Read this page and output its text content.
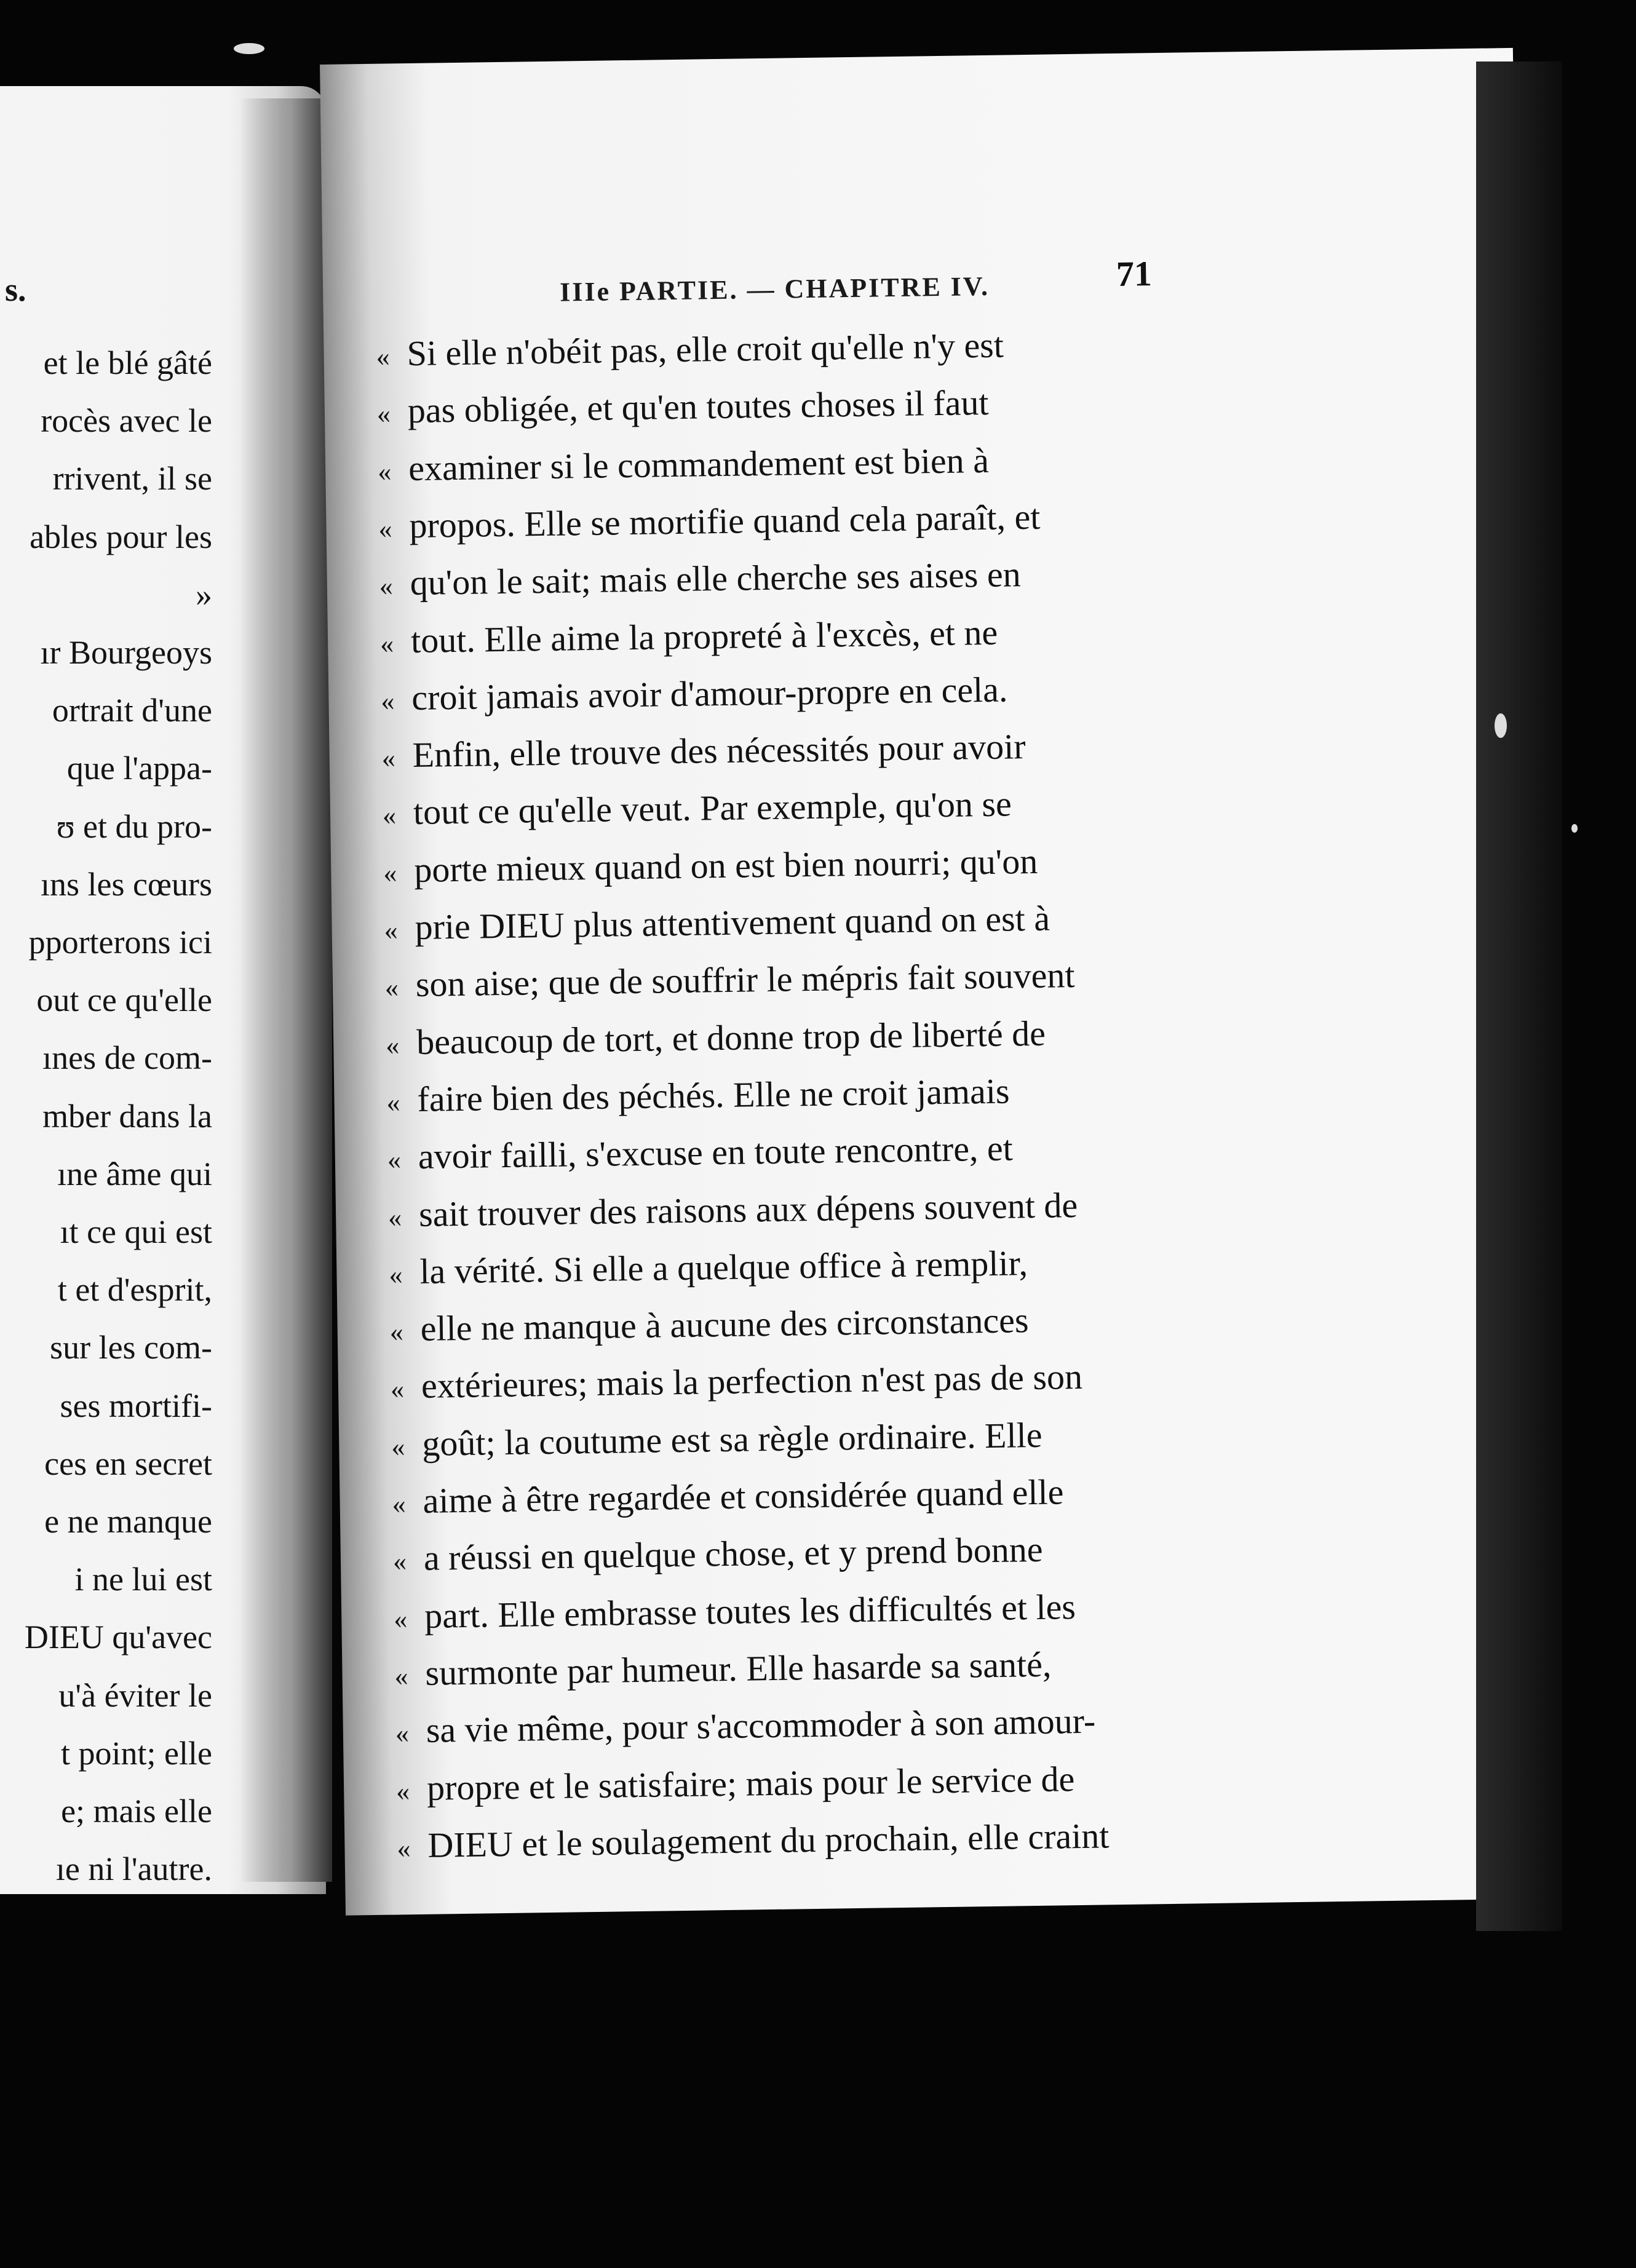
s.
et le blé gâté
rocès avec le
rrivent, il se
ables pour les
»
ır Bourgeoys
ortrait d'une
que l'appa-
ʊ et du pro-
ıns les cœurs
pporterons ici
out ce qu'elle
ınes de com-
mber dans la
ıne âme qui
ıt ce qui est
t et d'esprit,
sur les com-
ses mortifi-
ces en secret
e ne manque
i ne lui est
DIEU qu'avec
u'à éviter le
t point; elle
e; mais elle
ıe ni l'autre.
IIIe PARTIE. — CHAPITRE IV.	71
« Si elle n'obéit pas, elle croit qu'elle n'y est
« pas obligée, et qu'en toutes choses il faut
« examiner si le commandement est bien à
« propos. Elle se mortifie quand cela paraît, et
« qu'on le sait; mais elle cherche ses aises en
« tout. Elle aime la propreté à l'excès, et ne
« croit jamais avoir d'amour-propre en cela.
« Enfin, elle trouve des nécessités pour avoir
« tout ce qu'elle veut. Par exemple, qu'on se
« porte mieux quand on est bien nourri; qu'on
« prie DIEU plus attentivement quand on est à
« son aise; que de souffrir le mépris fait souvent
« beaucoup de tort, et donne trop de liberté de
« faire bien des péchés. Elle ne croit jamais
« avoir failli, s'excuse en toute rencontre, et
« sait trouver des raisons aux dépens souvent de
« la vérité. Si elle a quelque office à remplir,
« elle ne manque à aucune des circonstances
« extérieures; mais la perfection n'est pas de son
« goût; la coutume est sa règle ordinaire. Elle
« aime à être regardée et considérée quand elle
« a réussi en quelque chose, et y prend bonne
« part. Elle embrasse toutes les difficultés et les
« surmonte par humeur. Elle hasarde sa santé,
« sa vie même, pour s'accommoder à son amour-
« propre et le satisfaire; mais pour le service de
« DIEU et le soulagement du prochain, elle craint
